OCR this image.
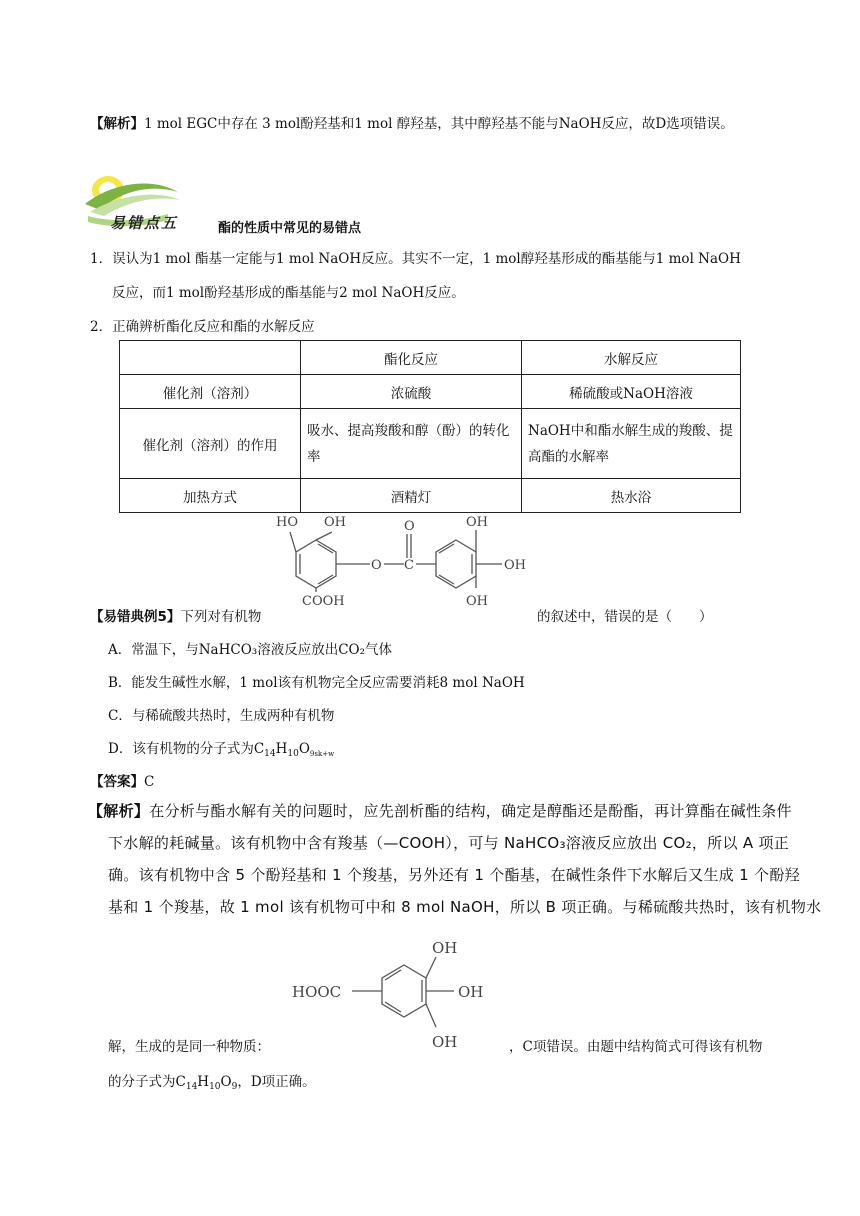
【解析】1 mol EGC中存在 3 mol酚羟基和1 mol 醇羟基，其中醇羟基不能与NaOH反应，故D选项错误。
易错点五	酯的性质中常见的易错点
1．误认为1 mol 酯基一定能与1 mol NaOH反应。其实不一定，1 mol醇羟基形成的酯基能与1 mol NaOH
反应，而1 mol酚羟基形成的酯基能与2 mol NaOH反应。
2．正确辨析酯化反应和酯的水解反应
	酯化反应	水解反应
催化剂（溶剂）	浓硫酸	稀硫酸或NaOH溶液
催化剂（溶剂）的作用	吸水、提高羧酸和醇（酚）的转化率	NaOH中和酯水解生成的羧酸、提高酯的水解率
加热方式	酒精灯	热水浴
HO OH
O
O
C
OH
OH
OH
COOH
【易错典例5】下列对有机物	的叙述中，错误的是（　　）
A．常温下，与NaHCO₃溶液反应放出CO₂气体
B．能发生碱性水解，1 mol该有机物完全反应需要消耗8 mol NaOH
C．与稀硫酸共热时，生成两种有机物
D．该有机物的分子式为$C_{14}H_{10}O_{9sk+w}$
【答案】C
【解析】在分析与酯水解有关的问题时，应先剖析酯的结构，确定是醇酯还是酚酯，再计算酯在碱性条件
下水解的耗碱量。该有机物中含有羧基（—COOH），可与 NaHCO₃溶液反应放出 CO₂，所以 A 项正
确。该有机物中含 5 个酚羟基和 1 个羧基，另外还有 1 个酯基，在碱性条件下水解后又生成 1 个酚羟
基和 1 个羧基，故 1 mol 该有机物可中和 8 mol NaOH，所以 B 项正确。与稀硫酸共热时，该有机物水
HOOC
OH
OH
OH
解，生成的是同一种物质：	，C项错误。由题中结构简式可得该有机物
的分子式为$C_{14}H_{10}O_9$，D项正确。
